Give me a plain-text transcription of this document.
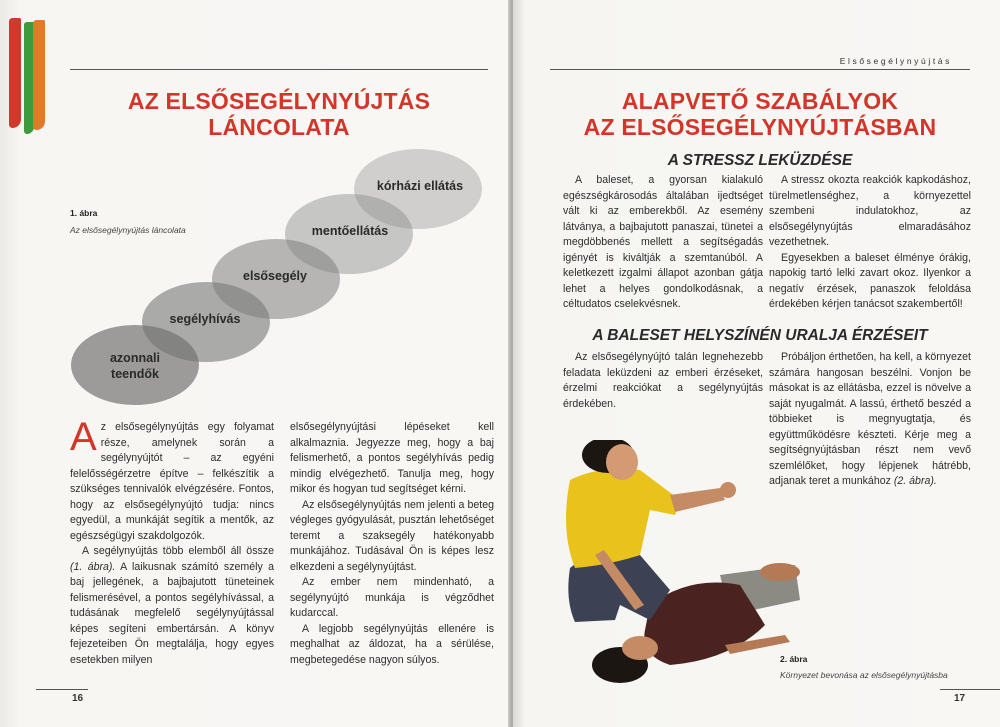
AZ ELSŐSEGÉLYNYÚJTÁS
LÁNCOLATA
1. ábra
Az elsősegélynyújtás láncolata
kórházi ellátás
mentőellátás
elsősegély
segélyhívás
azonnali
teendők

Az elsősegélynyújtás egy folyamat része, amelynek során a segélynyújtót – az egyéni felelősségérzetre építve – felkészítik a szükséges tennivalók elvégzésére. Fontos, hogy az elsősegélynyújtó tudja: nincs egyedül, a munkáját segítik a mentők, az egészségügyi szakdolgozók.

A segélynyújtás több elemből áll össze (1. ábra). A laikusnak számító személy a baj jellegének, a bajbajutott tüneteinek felismerésével, a pontos segélyhívással, a tudásának megfelelő segélynyújtással képes segíteni embertársán. A könyv fejezeteiben Ön megtalálja, hogy egyes esetekben milyen

elsősegélynyújtási lépéseket kell alkalmaznia. Jegyezze meg, hogy a baj felismerhető, a pontos segélyhívás pedig mindig elvégezhető. Tanulja meg, hogy mikor és hogyan tud segítséget kérni.

Az elsősegélynyújtás nem jelenti a beteg végleges gyógyulását, pusztán lehetőséget teremt a szaksegély hatékonyabb munkájához. Tudásával Ön is képes lesz elkezdeni a segélynyújtást.

Az ember nem mindenható, a segélynyújtó munkája is végződhet kudarccal.

A legjobb segélynyújtás ellenére is meghalhat az áldozat, ha a sérülése, megbetegedése nagyon súlyos.

16
Elsősegélynyújtás
ALAPVETŐ SZABÁLYOK
AZ ELSŐSEGÉLYNYÚJTÁSBAN
A STRESSZ LEKÜZDÉSE

A baleset, a gyorsan kialakuló egészségkárosodás általában ijedtséget vált ki az emberekből. Az esemény látványa, a bajbajutott panaszai, tünetei a megdöbbenés mellett a segítségadás igényét is kiváltják a szemtanúból. A keletkezett izgalmi állapot azonban gátja lehet a helyes gondolkodásnak, a céltudatos cselekvésnek.

A stressz okozta reakciók kapkodáshoz, türelmetlenséghez, a környezettel szembeni indulatokhoz, az elsősegélynyújtás elmaradásához vezethetnek.

Egyesekben a baleset élménye órákig, napokig tartó lelki zavart okoz. Ilyenkor a negatív érzések, panaszok feloldása érdekében kérjen tanácsot szakembertől!

A BALESET HELYSZÍNÉN URALJA ÉRZÉSEIT

Az elsősegélynyújtó talán legnehezebb feladata leküzdeni az emberi érzéseket, érzelmi reakciókat a segélynyújtás érdekében.

Próbáljon érthetően, ha kell, a környezet számára hangosan beszélni. Vonjon be másokat is az ellátásba, ezzel is növelve a saját nyugalmát. A lassú, érthető beszéd a többieket is megnyugtatja, és együttműködésre készteti. Kérje meg a segítségnyújtásban részt nem vevő szemlélőket, hogy lépjenek hátrébb, adjanak teret a munkához (2. ábra).

2. ábra
Környezet bevonása az elsősegélynyújtásba
17
